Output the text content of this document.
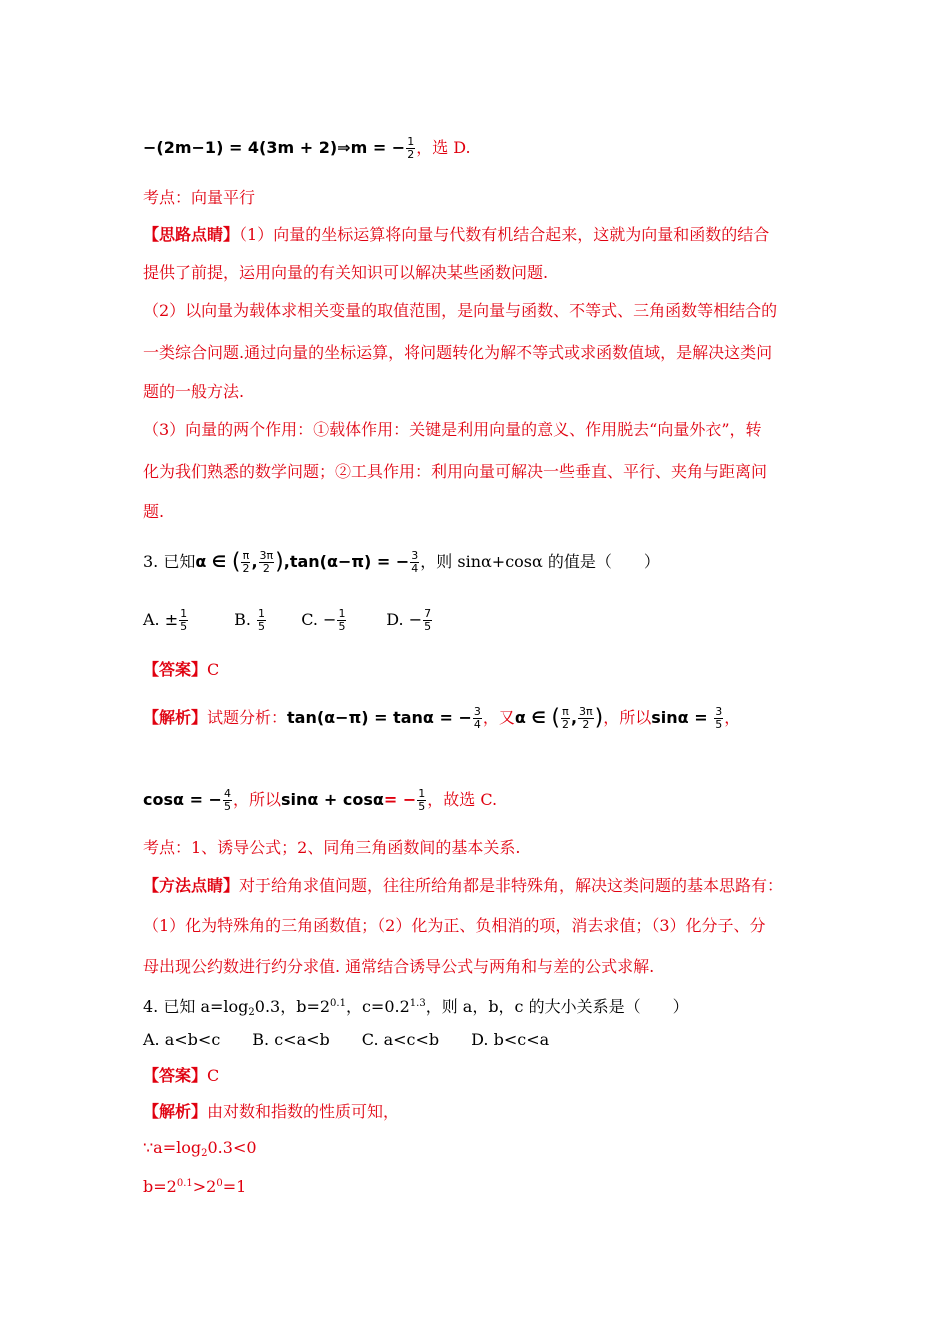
−(2m−1) = 4(3m + 2)⇒m = − $\frac{1}{2}$ ，选 D.
考点：向量平行
【思路点睛】（1）向量的坐标运算将向量与代数有机结合起来，这就为向量和函数的结合
提供了前提，运用向量的有关知识可以解决某些函数问题.
（2）以向量为载体求相关变量的取值范围，是向量与函数、不等式、三角函数等相结合的
一类综合问题.通过向量的坐标运算，将问题转化为解不等式或求函数值域，是解决这类问
题的一般方法.
（3）向量的两个作用：①载体作用：关键是利用向量的意义、作用脱去“向量外衣”，转
化为我们熟悉的数学问题；②工具作用：利用向量可解决一些垂直、平行、夹角与距离问
题.
3. 已知α ∈ ( $\frac{\pi}{2}$ , $\frac{3\pi}{2} ),\tan(\alpha-\pi)$ = − $\frac{3}{4}$ ，则 sinα+cosα 的值是（　　）
A. ± $\frac{1}{5}$	B. $\frac{1}{5} C$. − $\frac{1}{5} D$. − $\frac{7}{5}$
【答案】C
【解析】试题分析：tan(α−π) = tanα = − $\frac{3}{4}$ ，又α ∈ ( $\frac{\pi}{2}$ , $\frac{3\pi}{2}$ )，所以$\sin\alpha = \frac{3}{5}$ ，
cosα = − $\frac{4}{5}$ ，所以$\sin\alpha + \cos\alpha= - \frac{1}{5}$ ，故选 C.
考点：1、诱导公式；2、同角三角函数间的基本关系.
【方法点睛】对于给角求值问题，往往所给角都是非特殊角，解决这类问题的基本思路有：
（1）化为特殊角的三角函数值；（2）化为正、负相消的项，消去求值；（3）化分子、分
母出现公约数进行约分求值. 通常结合诱导公式与两角和与差的公式求解.
4. 已知 $a=\log_20.3$，$b=2^{0.1}$，$c=0.2^{1.3}$，则 a，b，c 的大小关系是（　　）
A. a<b<c　　B. c<a<b　　C. a<c<b　　D. b<c<a
【答案】C
【解析】由对数和指数的性质可知，
$\because a=\log_20.3<0$
$b=2^{0.1}>2^0=1$
